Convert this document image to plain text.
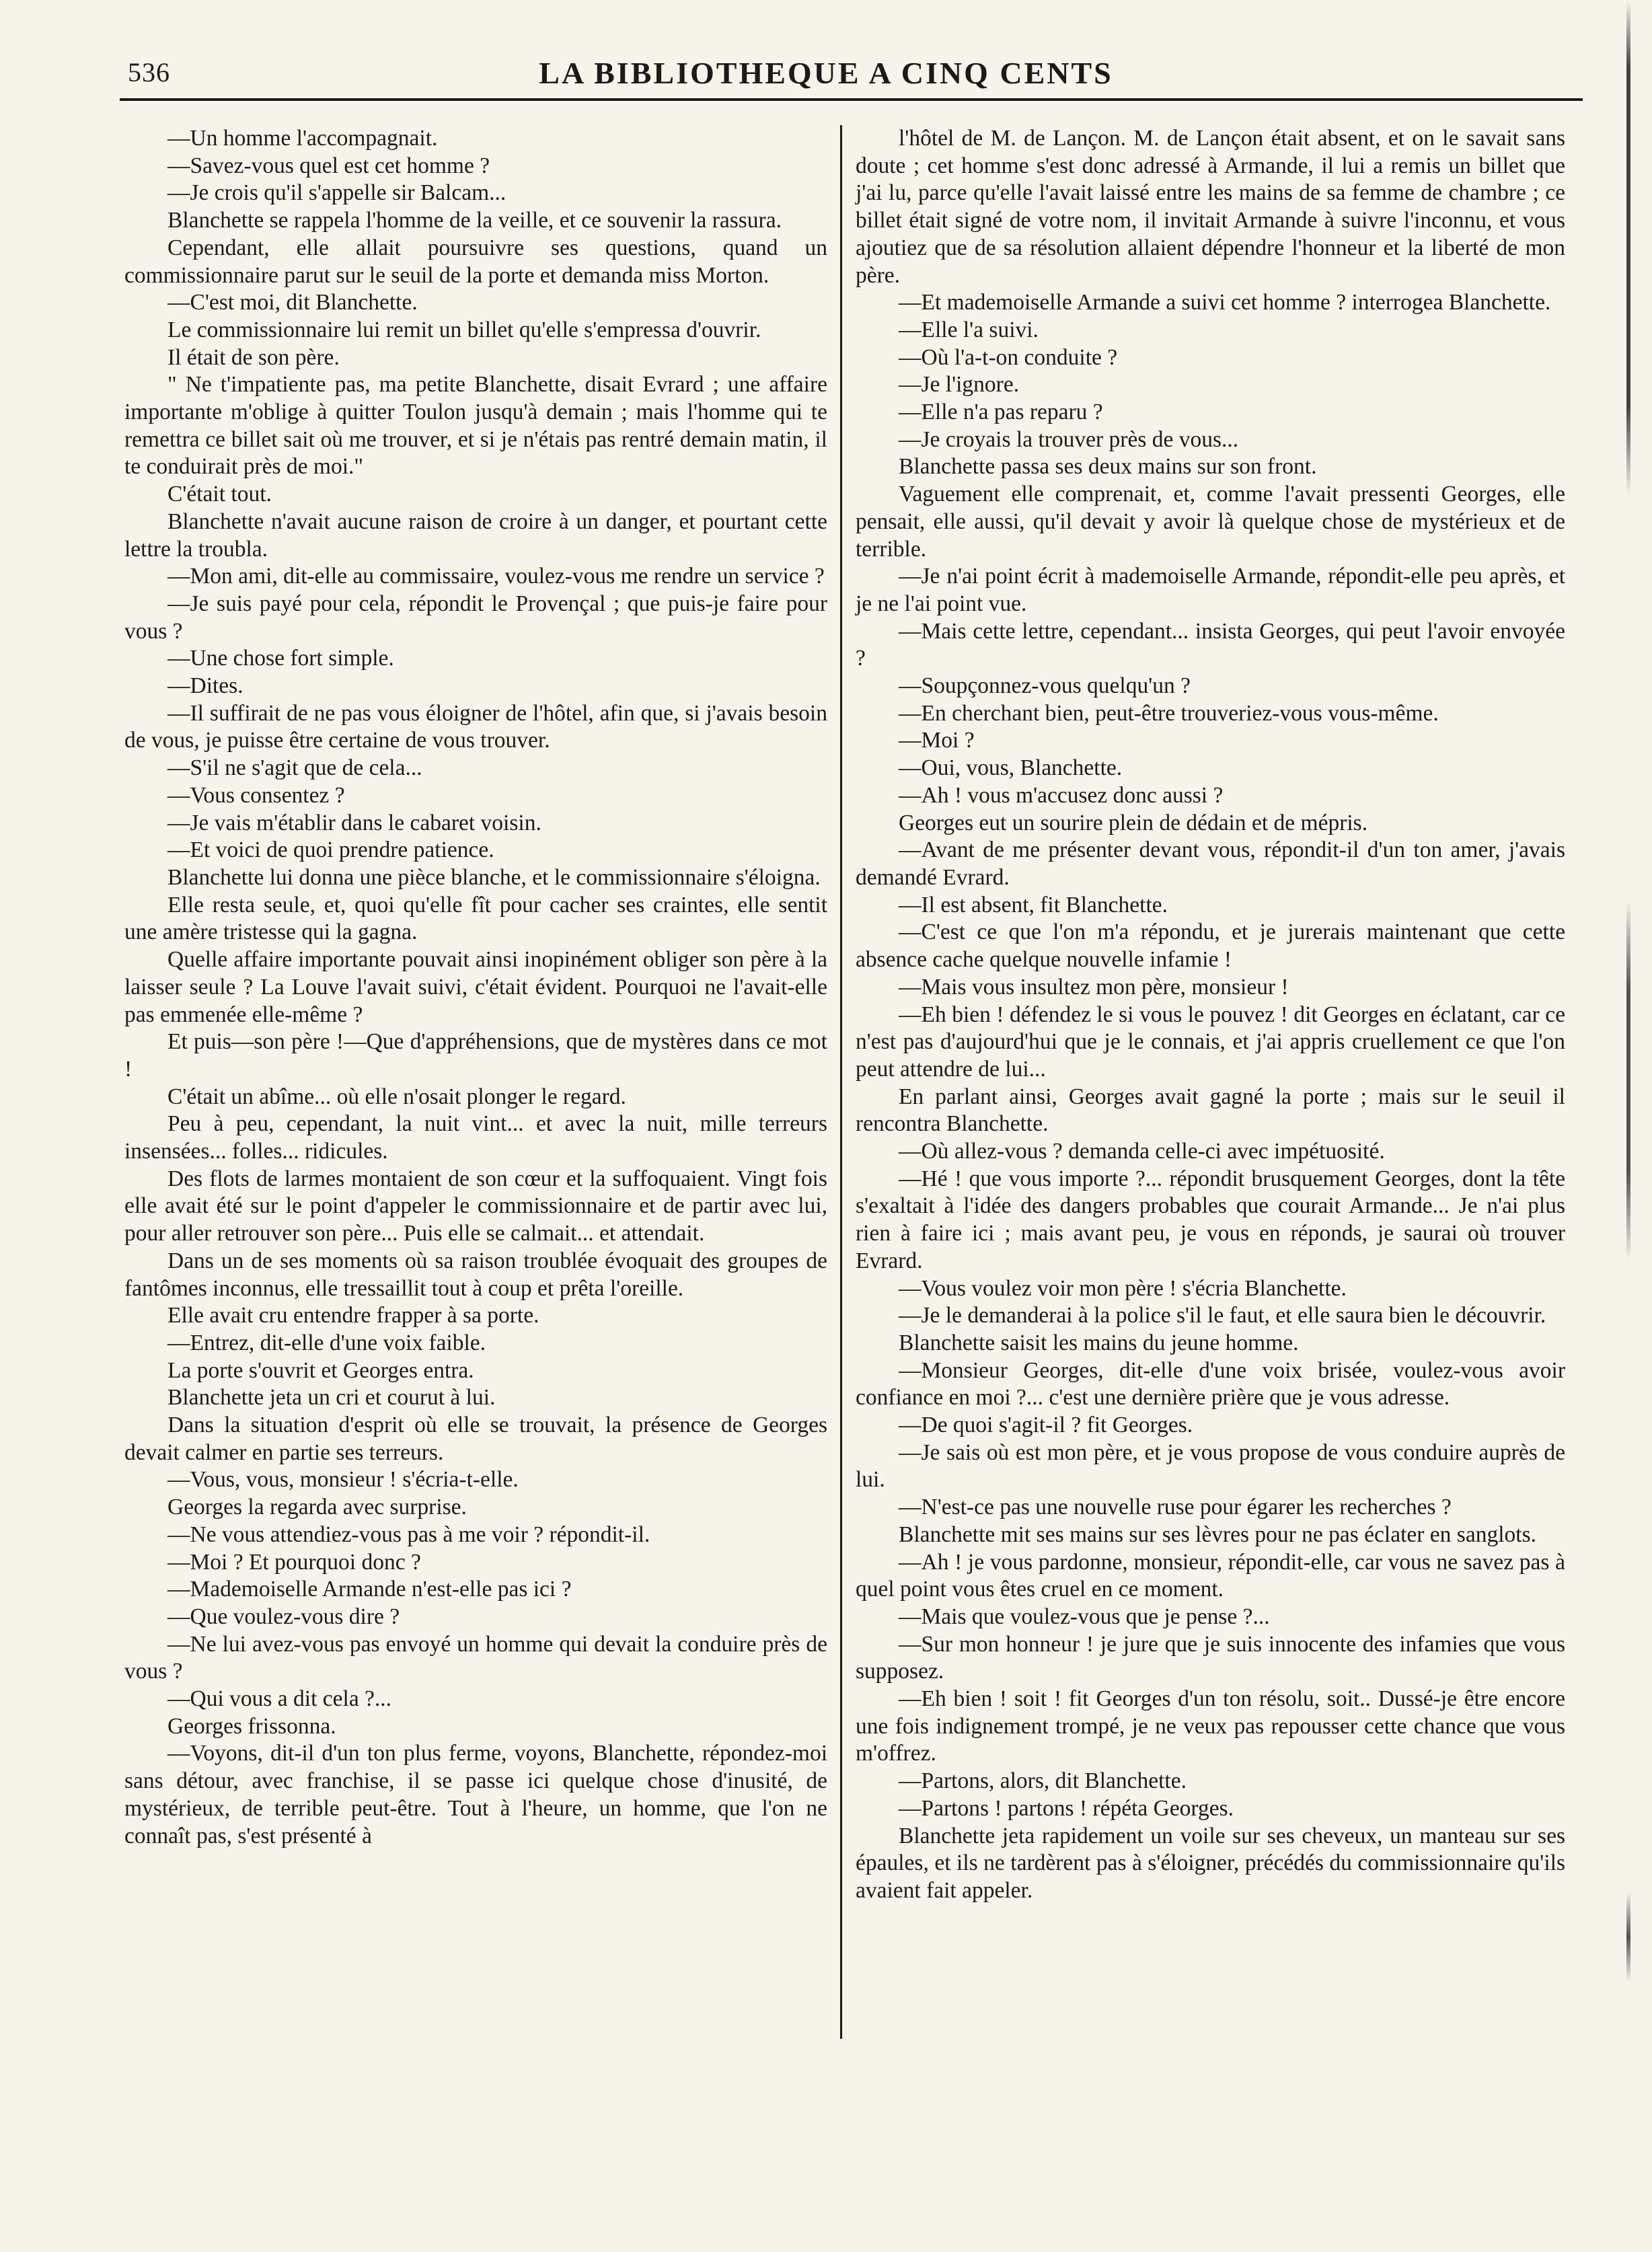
536	LA BIBLIOTHEQUE A CINQ CENTS

—Un homme l'accompagnait.

—Savez-vous quel est cet homme ?

—Je crois qu'il s'appelle sir Balcam...

Blanchette se rappela l'homme de la veille, et ce souvenir la rassura.

Cependant, elle allait poursuivre ses questions, quand un commissionnaire parut sur le seuil de la porte et demanda miss Morton.

—C'est moi, dit Blanchette.

Le commissionnaire lui remit un billet qu'elle s'empressa d'ouvrir.

Il était de son père.

" Ne t'impatiente pas, ma petite Blanchette, disait Evrard ; une affaire importante m'oblige à quitter Toulon jusqu'à demain ; mais l'homme qui te remettra ce billet sait où me trouver, et si je n'étais pas rentré demain matin, il te conduirait près de moi."

C'était tout.

Blanchette n'avait aucune raison de croire à un danger, et pourtant cette lettre la troubla.

—Mon ami, dit-elle au commissaire, voulez-vous me rendre un service ?

—Je suis payé pour cela, répondit le Provençal ; que puis-je faire pour vous ?

—Une chose fort simple.

—Dites.

—Il suffirait de ne pas vous éloigner de l'hôtel, afin que, si j'avais besoin de vous, je puisse être certaine de vous trouver.

—S'il ne s'agit que de cela...

—Vous consentez ?

—Je vais m'établir dans le cabaret voisin.

—Et voici de quoi prendre patience.

Blanchette lui donna une pièce blanche, et le commissionnaire s'éloigna.

Elle resta seule, et, quoi qu'elle fît pour cacher ses craintes, elle sentit une amère tristesse qui la gagna.

Quelle affaire importante pouvait ainsi inopinément obliger son père à la laisser seule ? La Louve l'avait suivi, c'était évident. Pourquoi ne l'avait-elle pas emmenée elle-même ?

Et puis—son père !—Que d'appréhensions, que de mystères dans ce mot !

C'était un abîme... où elle n'osait plonger le regard.

Peu à peu, cependant, la nuit vint... et avec la nuit, mille terreurs insensées... folles... ridicules.

Des flots de larmes montaient de son cœur et la suffoquaient. Vingt fois elle avait été sur le point d'appeler le commissionnaire et de partir avec lui, pour aller retrouver son père... Puis elle se calmait... et attendait.

Dans un de ses moments où sa raison troublée évoquait des groupes de fantômes inconnus, elle tressaillit tout à coup et prêta l'oreille.

Elle avait cru entendre frapper à sa porte.

—Entrez, dit-elle d'une voix faible.

La porte s'ouvrit et Georges entra.

Blanchette jeta un cri et courut à lui.

Dans la situation d'esprit où elle se trouvait, la présence de Georges devait calmer en partie ses terreurs.

—Vous, vous, monsieur ! s'écria-t-elle.

Georges la regarda avec surprise.

—Ne vous attendiez-vous pas à me voir ? répondit-il.

—Moi ? Et pourquoi donc ?

—Mademoiselle Armande n'est-elle pas ici ?

—Que voulez-vous dire ?

—Ne lui avez-vous pas envoyé un homme qui devait la conduire près de vous ?

—Qui vous a dit cela ?...

Georges frissonna.

—Voyons, dit-il d'un ton plus ferme, voyons, Blanchette, répondez-moi sans détour, avec franchise, il se passe ici quelque chose d'inusité, de mystérieux, de terrible peut-être. Tout à l'heure, un homme, que l'on ne connaît pas, s'est présenté à

l'hôtel de M. de Lançon. M. de Lançon était absent, et on le savait sans doute ; cet homme s'est donc adressé à Armande, il lui a remis un billet que j'ai lu, parce qu'elle l'avait laissé entre les mains de sa femme de chambre ; ce billet était signé de votre nom, il invitait Armande à suivre l'inconnu, et vous ajoutiez que de sa résolution allaient dépendre l'honneur et la liberté de mon père.

—Et mademoiselle Armande a suivi cet homme ? interrogea Blanchette.

—Elle l'a suivi.

—Où l'a-t-on conduite ?

—Je l'ignore.

—Elle n'a pas reparu ?

—Je croyais la trouver près de vous...

Blanchette passa ses deux mains sur son front.

Vaguement elle comprenait, et, comme l'avait pressenti Georges, elle pensait, elle aussi, qu'il devait y avoir là quelque chose de mystérieux et de terrible.

—Je n'ai point écrit à mademoiselle Armande, répondit-elle peu après, et je ne l'ai point vue.

—Mais cette lettre, cependant... insista Georges, qui peut l'avoir envoyée ?

—Soupçonnez-vous quelqu'un ?

—En cherchant bien, peut-être trouveriez-vous vous-même.

—Moi ?

—Oui, vous, Blanchette.

—Ah ! vous m'accusez donc aussi ?

Georges eut un sourire plein de dédain et de mépris.

—Avant de me présenter devant vous, répondit-il d'un ton amer, j'avais demandé Evrard.

—Il est absent, fit Blanchette.

—C'est ce que l'on m'a répondu, et je jurerais maintenant que cette absence cache quelque nouvelle infamie !

—Mais vous insultez mon père, monsieur !

—Eh bien ! défendez le si vous le pouvez ! dit Georges en éclatant, car ce n'est pas d'aujourd'hui que je le connais, et j'ai appris cruellement ce que l'on peut attendre de lui...

En parlant ainsi, Georges avait gagné la porte ; mais sur le seuil il rencontra Blanchette.

—Où allez-vous ? demanda celle-ci avec impétuosité.

—Hé ! que vous importe ?... répondit brusquement Georges, dont la tête s'exaltait à l'idée des dangers probables que courait Armande... Je n'ai plus rien à faire ici ; mais avant peu, je vous en réponds, je saurai où trouver Evrard.

—Vous voulez voir mon père ! s'écria Blanchette.

—Je le demanderai à la police s'il le faut, et elle saura bien le découvrir.

Blanchette saisit les mains du jeune homme.

—Monsieur Georges, dit-elle d'une voix brisée, voulez-vous avoir confiance en moi ?... c'est une dernière prière que je vous adresse.

—De quoi s'agit-il ? fit Georges.

—Je sais où est mon père, et je vous propose de vous conduire auprès de lui.

—N'est-ce pas une nouvelle ruse pour égarer les recherches ?

Blanchette mit ses mains sur ses lèvres pour ne pas éclater en sanglots.

—Ah ! je vous pardonne, monsieur, répondit-elle, car vous ne savez pas à quel point vous êtes cruel en ce moment.

—Mais que voulez-vous que je pense ?...

—Sur mon honneur ! je jure que je suis innocente des infamies que vous supposez.

—Eh bien ! soit ! fit Georges d'un ton résolu, soit.. Dussé-je être encore une fois indignement trompé, je ne veux pas repousser cette chance que vous m'offrez.

—Partons, alors, dit Blanchette.

—Partons ! partons ! répéta Georges.

Blanchette jeta rapidement un voile sur ses cheveux, un manteau sur ses épaules, et ils ne tardèrent pas à s'éloigner, précédés du commissionnaire qu'ils avaient fait appeler.
